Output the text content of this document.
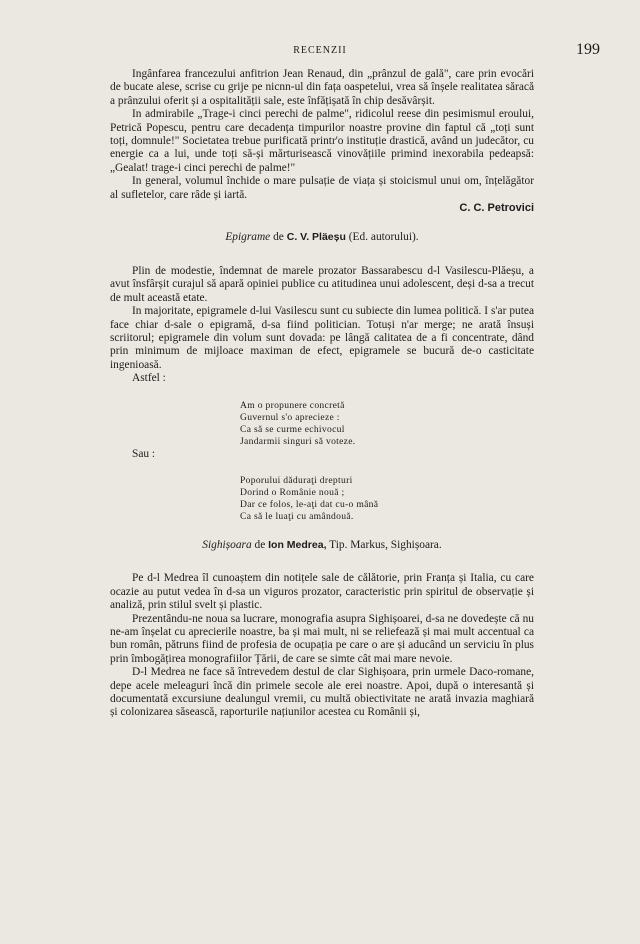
RECENZII	199

Ingânfarea francezului anfitrion Jean Renaud, din „prânzul de gală", care prin evocări de bucate alese, scrise cu grije pe nicnn-ul din fața oaspetelui, vrea să înșele realitatea săracă a prânzului oferit și a ospitalității sale, este înfățișată în chip desăvârșit.

In admirabile „Trage-i cinci perechi de palme", ridicolul reese din pesimismul eroului, Petrică Popescu, pentru care decadența timpurilor noastre provine din faptul că „toți sunt toți, domnule!" Societatea trebue purificată printr'o instituție drastică, având un judecător, cu energie ca a lui, unde toți să-și mărturisească vinovățiile primind inexorabila pedeapsă: „Gealat! trage-i cinci perechi de palme!"

In general, volumul închide o mare pulsație de viața și stoicismul unui om, înțelăgător al sufletelor, care râde și iartă.

C. C. Petrovici

Epigrame de C. V. Pläeșu (Ed. autorului).

Plin de modestie, îndemnat de marele prozator Bassarabescu d-l Vasilescu-Plăeșu, a avut însfârșit curajul să apară opiniei publice cu atitudinea unui adolescent, deși d-sa a trecut de mult această etate.

In majoritate, epigramele d-lui Vasilescu sunt cu subiecte din lumea politică. I s'ar putea face chiar d-sale o epigramă, d-sa fiind politician. Totuși n'ar merge; ne arată însuși scriitorul; epigramele din volum sunt dovada: pe lângă calitatea de a fi concentrate, dând prin minimum de mijloace maximan de efect, epigramele se bucură de-o casticitate ingenioasă.

Astfel :

Am o propunere concretă
Guvernul s'o aprecieze :
Ca să se curme echivocul
Jandarmii singuri să voteze.

Sau :

Poporului dăduraţi drepturi
Dorind o Românie nouă ;
Dar ce folos, le-aţi dat cu-o mână
Ca să le luaţi cu amândouă.
Sighișoara de Ion Medrea, Tip. Markus, Sighișoara.

Pe d-l Medrea îl cunoaștem din notițele sale de călătorie, prin Franța și Italia, cu care ocazie au putut vedea în d-sa un viguros prozator, caracteristic prin spiritul de observație și analiză, prin stilul svelt și plastic.

Prezentându-ne noua sa lucrare, monografia asupra Sighișoarei, d-sa ne dovedește că nu ne-am înșelat cu aprecierile noastre, ba și mai mult, ni se reliefează și mai mult accentual ca bun român, pătruns fiind de profesia de ocupația pe care o are și aducând un serviciu în plus prin îmbogățirea monografiilor Țării, de care se simte cât mai mare nevoie.

D-l Medrea ne face să întrevedem destul de clar Sighișoara, prin urmele Daco-romane, depe acele meleaguri încă din primele secole ale erei noastre. Apoi, după o interesantă și documentată excursiune dealungul vremii, cu multă obiectivitate ne arată invazia maghiară și colonizarea săsească, raporturile națiunilor acestea cu Românii și,
